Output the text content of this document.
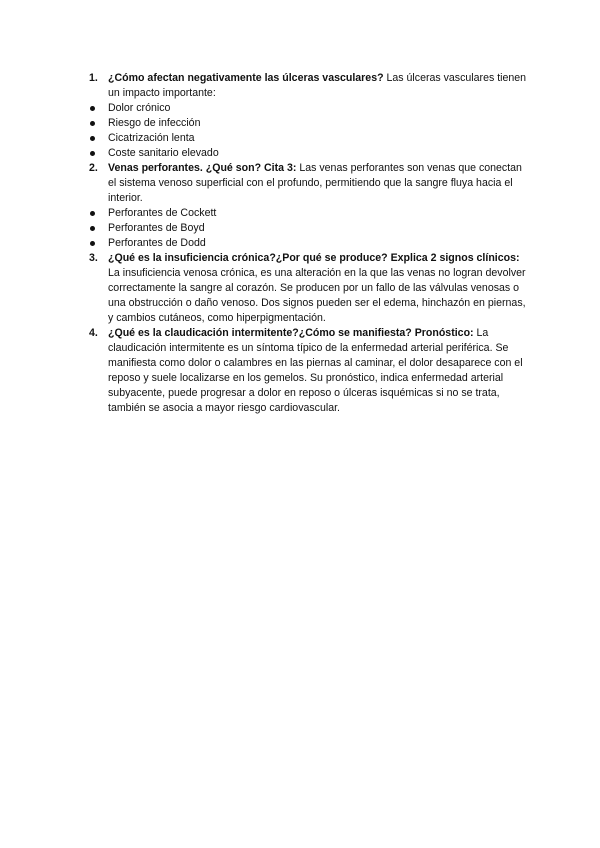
1. ¿Cómo afectan negativamente las úlceras vasculares? Las úlceras vasculares tienen un impacto importante:
Dolor crónico
Riesgo de infección
Cicatrización lenta
Coste sanitario elevado
2. Venas perforantes. ¿Qué son? Cita 3: Las venas perforantes son venas que conectan el sistema venoso superficial con el profundo, permitiendo que la sangre fluya hacia el interior.
Perforantes de Cockett
Perforantes de Boyd
Perforantes de Dodd
3. ¿Qué es la insuficiencia crónica?¿Por qué se produce? Explica 2 signos clínicos: La insuficiencia venosa crónica, es una alteración en la que las venas no logran devolver correctamente la sangre al corazón. Se producen por un fallo de las válvulas venosas o una obstrucción o daño venoso. Dos signos pueden ser el edema, hinchazón en piernas, y cambios cutáneos, como hiperpigmentación.
4. ¿Qué es la claudicación intermitente?¿Cómo se manifiesta? Pronóstico: La claudicación intermitente es un síntoma típico de la enfermedad arterial periférica. Se manifiesta como dolor o calambres en las piernas al caminar, el dolor desaparece con el reposo y suele localizarse en los gemelos. Su pronóstico, indica enfermedad arterial subyacente, puede progresar a dolor en reposo o úlceras isquémicas si no se trata, también se asocia a mayor riesgo cardiovascular.
